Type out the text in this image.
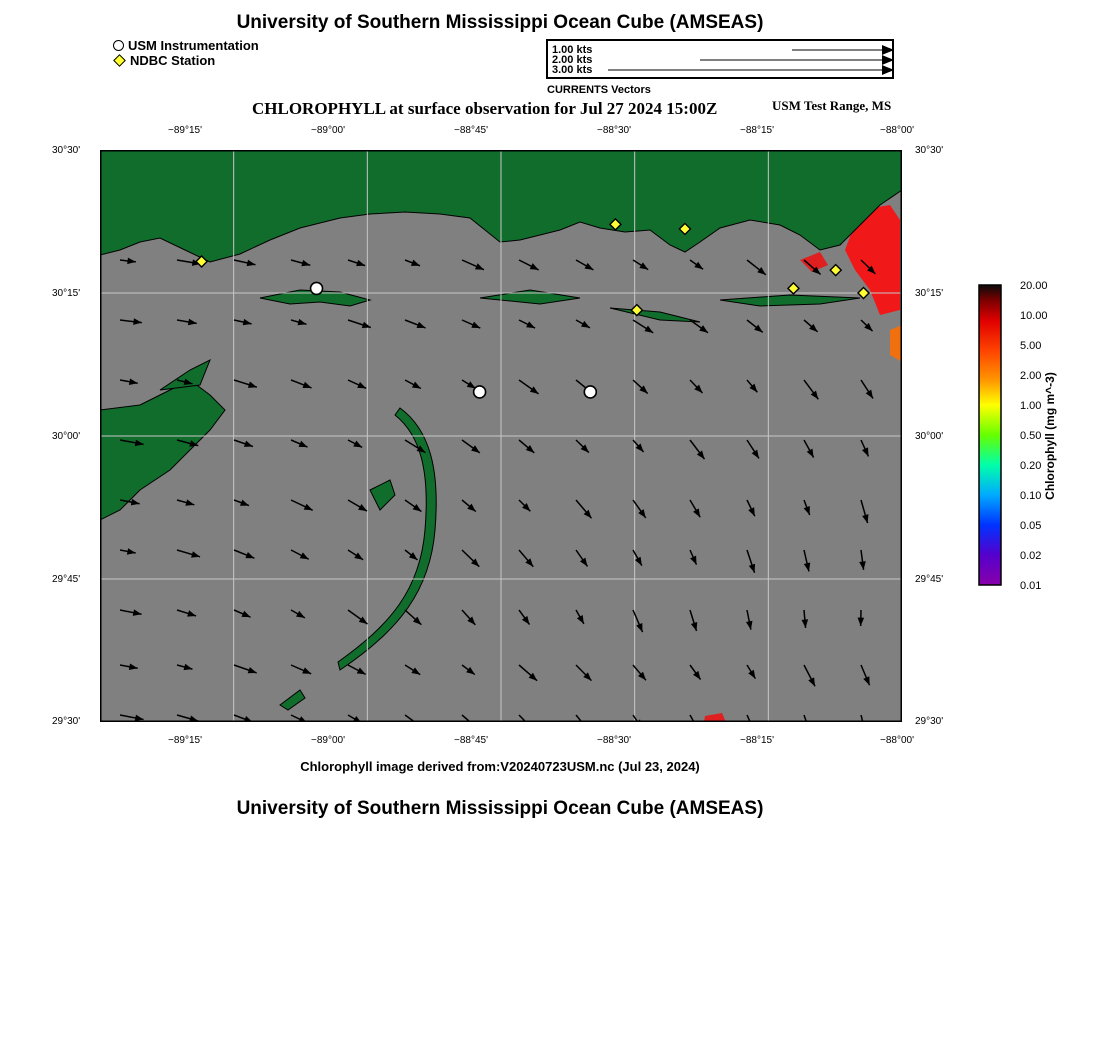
University of Southern Mississippi Ocean Cube (AMSEAS)
USM Instrumentation
NDBC Station
1.00 kts
2.00 kts
3.00 kts
CURRENTS Vectors
CHLOROPHYLL at surface observation for Jul 27 2024 15:00Z	USM Test Range, MS
−89°15'	−89°00'	−88°45'	−88°30'	−88°15'	−88°00'
−89°15'	−89°00'	−88°45'	−88°30'	−88°15'	−88°00'
30°30'
30°15'
30°00'
29°45'
29°30'
30°30'
30°15'
30°00'
29°45'
29°30'
20.00
10.00
5.00
2.00
1.00
0.50
0.20
0.10
0.05
0.02
0.01
Chlorophyll (mg m^-3)
Chlorophyll image derived from:V20240723USM.nc (Jul 23, 2024)
University of Southern Mississippi Ocean Cube (AMSEAS)
